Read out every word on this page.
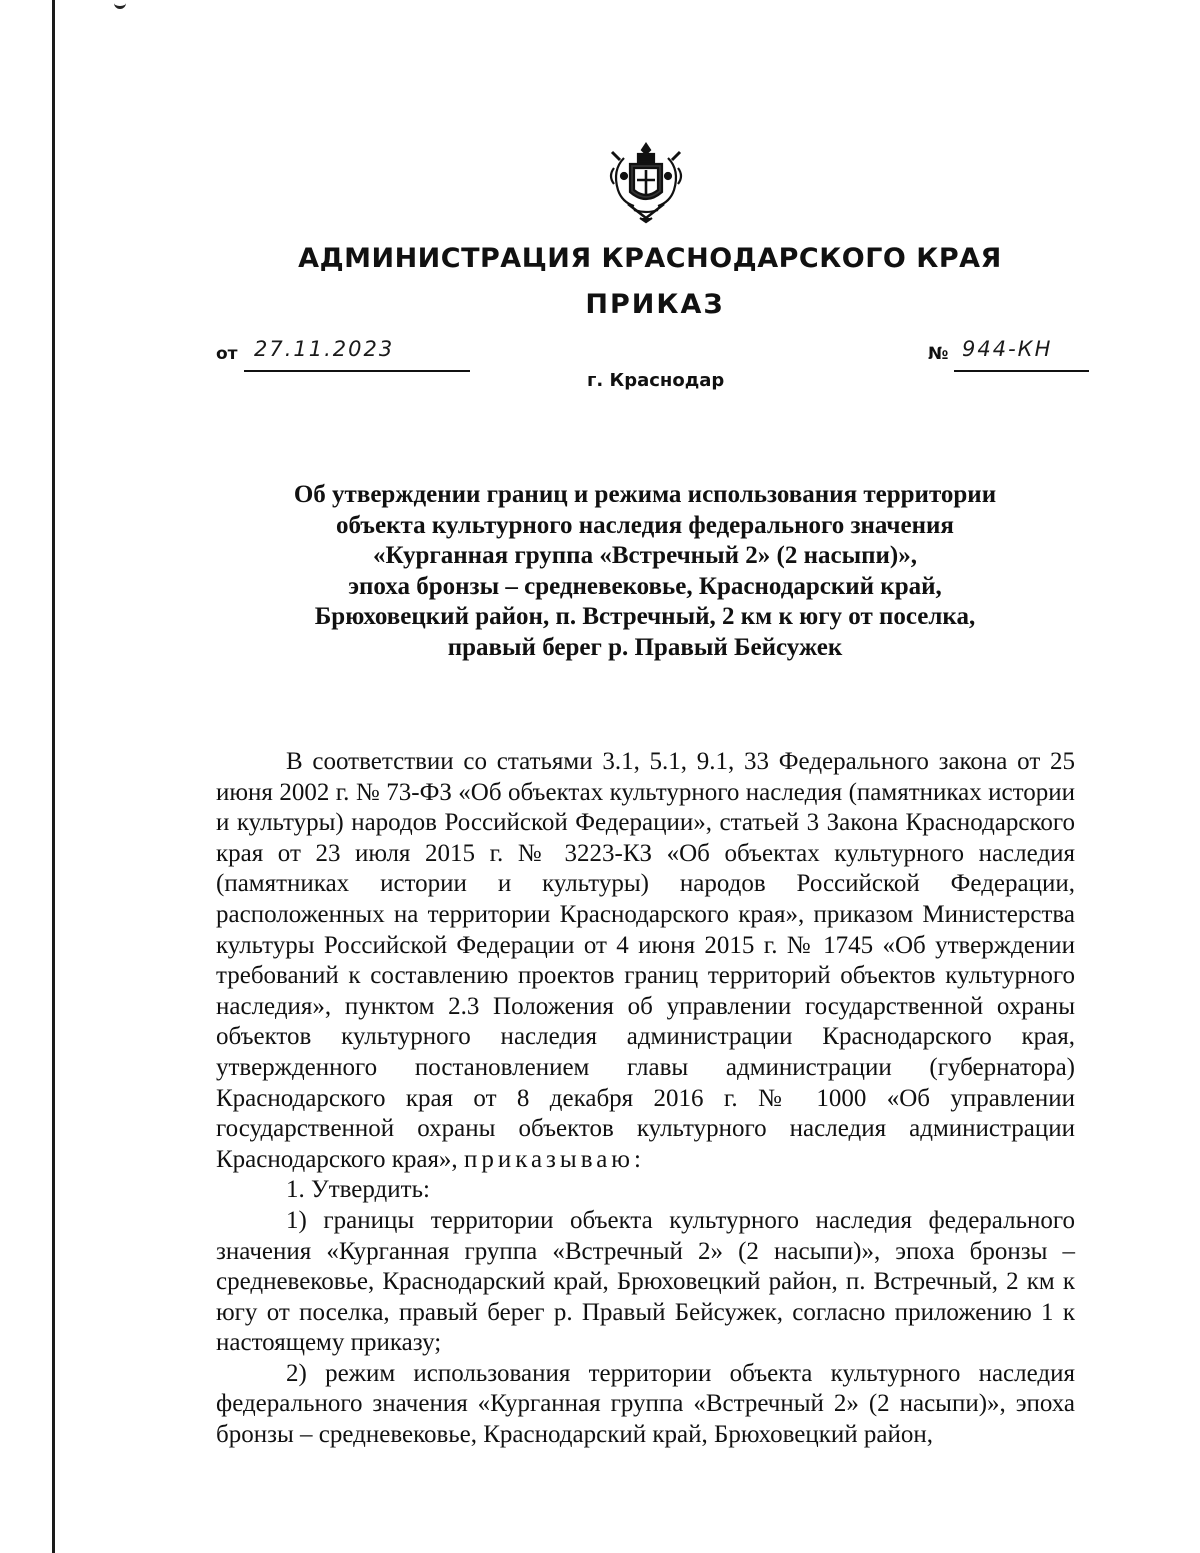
АДМИНИСТРАЦИЯ КРАСНОДАРСКОГО КРАЯ
ПРИКАЗ
от 27.11.2023	№ 944-КН
г. Краснодар
Об утверждении границ и режима использования территории
объекта культурного наследия федерального значения
«Курганная группа «Встречный 2» (2 насыпи)»,
эпоха бронзы – средневековье, Краснодарский край,
Брюховецкий район, п. Встречный, 2 км к югу от поселка,
правый берег р. Правый Бейсужек

В соответствии со статьями 3.1, 5.1, 9.1, 33 Федерального закона от 25 июня 2002 г. № 73-ФЗ «Об объектах культурного наследия (памятниках истории и культуры) народов Российской Федерации», статьей 3 Закона Краснодарского края от 23 июля 2015 г. № 3223-КЗ «Об объектах культурного наследия (памятниках истории и культуры) народов Российской Федерации, расположенных на территории Краснодарского края», приказом Министерства культуры Российской Федерации от 4 июня 2015 г. № 1745 «Об утверждении требований к составлению проектов границ территорий объектов культурного наследия», пунктом 2.3 Положения об управлении государственной охраны объектов культурного наследия администрации Краснодарского края, утвержденного постановлением главы администрации (губернатора) Краснодарского края от 8 декабря 2016 г. № 1000 «Об управлении государственной охраны объектов культурного наследия администрации Краснодарского края», приказываю:

1. Утвердить:

1) границы территории объекта культурного наследия федерального значения «Курганная группа «Встречный 2» (2 насыпи)», эпоха бронзы – средневековье, Краснодарский край, Брюховецкий район, п. Встречный, 2 км к югу от поселка, правый берег р. Правый Бейсужек, согласно приложению 1 к настоящему приказу;

2) режим использования территории объекта культурного наследия федерального значения «Курганная группа «Встречный 2» (2 насыпи)», эпоха бронзы – средневековье, Краснодарский край, Брюховецкий район,
